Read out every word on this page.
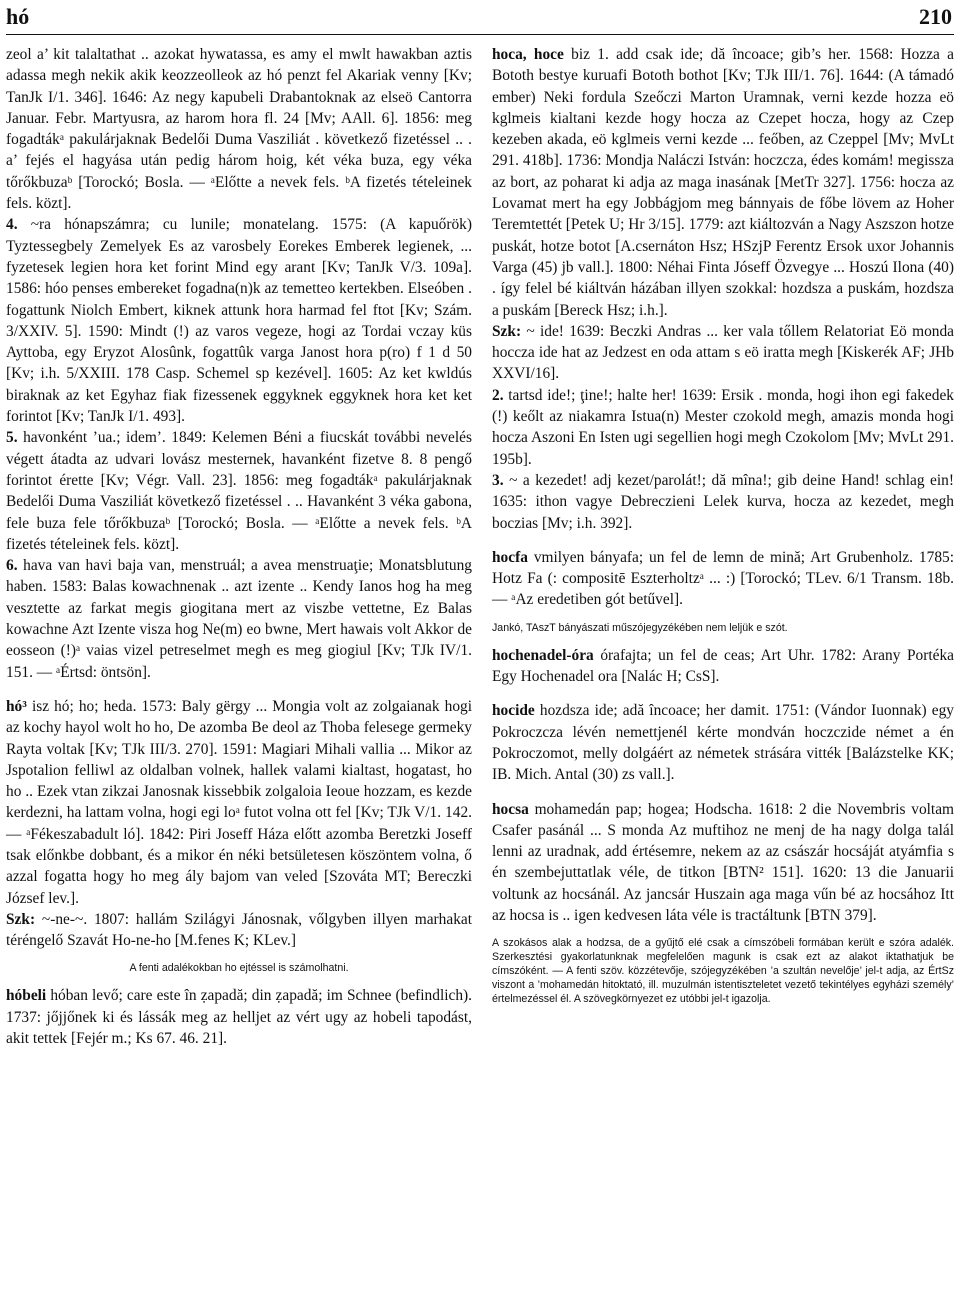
hó	210

zeol a’ kit talaltathat .. azokat hywatassa, es amy el mwlt hawakban aztis adassa megh nekik akik keozzeolleok az hó penzt fel Akariak venny [Kv; TanJk I/1. 346]. 1646: Az negy kapubeli Drabantoknak az elseö Cantorra Januar. Febr. Martyusra, az harom hora fl. 24 [Mv; AAll. 6]. 1856: meg fogadtákᵃ pakulárjaknak Bedelői Duma Vasziliát . következő fizetéssel .. . a’ fejés el hagyása után pedig három hoig, két véka buza, egy véka tőrőkbuzaᵇ [Torockó; Bosla. — ᵃElőtte a nevek fels. ᵇA fizetés tételeinek fels. közt].

4. ~ra hónapszámra; cu lunile; monatelang. 1575: (A kapuőrök) Tyztessegbely Zemelyek Es az varosbely Eorekes Emberek legienek, ... fyzetesek legien hora ket forint Mind egy arant [Kv; TanJk V/3. 109a]. 1586: hóo penses embereket fogadna(n)k az temetteo kertekben. Elseóben . fogattunk Niolch Embert, kiknek attunk hora harmad fel ftot [Kv; Szám. 3/XXIV. 5]. 1590: Mindt (!) az varos vegeze, hogi az Tordai vczay küs Ayttoba, egy Eryzot Alosûnk, fogattûk varga Janost hora p(ro) f 1 d 50 [Kv; i.h. 5/XXIII. 178 Casp. Schemel sp kezével]. 1605: Az ket kwldús biraknak az ket Egyhaz fiak fizessenek eggyknek eggyknek hora ket ket forintot [Kv; TanJk I/1. 493].

5. havonként ’ua.; idem’. 1849: Kelemen Béni a fiucskát további nevelés végett átadta az udvari lovász mesternek, havanként fizetve 8. 8 pengő forintot érette [Kv; Végr. Vall. 23]. 1856: meg fogadtákᵃ pakulárjaknak Bedelői Duma Vasziliát következő fizetéssel . .. Havanként 3 véka gabona, fele buza fele tőrőkbuzaᵇ [Torockó; Bosla. — ᵃElőtte a nevek fels. ᵇA fizetés tételeinek fels. közt].

6. hava van havi baja van, menstruál; a avea menstruaţie; Monatsblutung haben. 1583: Balas kowachnenak .. azt izente .. Kendy Ianos hog ha meg vesztette az farkat megis giogitana mert az viszbe vettetne, Ez Balas kowachne Azt Izente visza hog Ne(m) eo bwne, Mert hawais volt Akkor de eosseon (!)ᵃ vaias vizel petreselmet megh es meg giogiul [Kv; TJk IV/1. 151. — ᵃÉrtsd: öntsön].

hó³ isz hó; ho; heda. 1573: Baly gërgy ... Mongia volt az zolgaianak hogi az kochy hayol wolt ho ho, De azomba Be deol az Thoba felesege germeky Rayta voltak [Kv; TJk III/3. 270]. 1591: Magiari Mihali vallia ... Mikor az Jspotalion felliwl az oldalban volnek, hallek valami kialtast, hogatast, ho ho .. Ezek vtan zikzai Janosnak kissebbik zolgaloia Ieoue hozzam, es kezde kerdezni, ha lattam volna, hogi egi loᵃ futot volna ott fel [Kv; TJk V/1. 142. — ᵃFékeszabadult ló]. 1842: Piri Joseff Háza előtt azomba Beretzki Joseff tsak előnkbe dobbant, és a mikor én néki betsületesen köszöntem volna, ő azzal fogatta hogy ho meg ály bajom van veled [Szováta MT; Bereczki József lev.].

Szk: ~-ne-~. 1807: hallám Szilágyi Jánosnak, vőlgyben illyen marhakat téréngelő Szavát Ho-ne-ho [M.fenes K; KLev.]

A fenti adalékokban ho ejtéssel is számolhatni.

hóbeli hóban levő; care este în ẓapadă; din ẓapadă; im Schnee (befindlich). 1737: jőjjőnek ki és lássák meg az helljet az vért ugy az hobeli tapodást, akit tettek [Fejér m.; Ks 67. 46. 21].

hoca, hoce biz 1. add csak ide; dă încoace; gib’s her. 1568: Hozza a Bototh bestye kuruafi Bototh bothot [Kv; TJk III/1. 76]. 1644: (A támadó ember) Neki fordula Szeőczi Marton Uramnak, verni kezde hozza eö kglmeis kialtani kezde hogy hocza az Czepet hocza, hogy az Czep kezeben akada, eö kglmeis verni kezde ... feőben, az Czeppel [Mv; MvLt 291. 418b]. 1736: Mondja Naláczi István: hoczcza, édes komám! megissza az bort, az poharat ki adja az maga inasának [MetTr 327]. 1756: hocza az Lovamat mert ha egy Jobbágjom meg bánnyais de főbe lövem az Hoher Teremtettét [Petek U; Hr 3/15]. 1779: azt kiáltozván a Nagy Aszszon hotze puskát, hotze botot [A.csernáton Hsz; HSzjP Ferentz Ersok uxor Johannis Varga (45) jb vall.]. 1800: Néhai Finta Jóseff Özvegye ... Hoszú Ilona (40) . így felel bé kiáltván házában illyen szokkal: hozdsza a puskám, hozdsza a puskám [Bereck Hsz; i.h.].

Szk: ~ ide! 1639: Beczki Andras ... ker vala tőllem Relatoriat Eö monda hoccza ide hat az Jedzest en oda attam s eö iratta megh [Kiskerék AF; JHb XXVI/16].

2. tartsd ide!; ţine!; halte her! 1639: Ersik . monda, hogi ihon egi fakedek (!) keőlt az niakamra Istua(n) Mester czokold megh, amazis monda hogi hocza Aszoni En Isten ugi segellien hogi megh Czokolom [Mv; MvLt 291. 195b].

3. ~ a kezedet! adj kezet/parolát!; dă mîna!; gib deine Hand! schlag ein! 1635: ithon vagye Debreczieni Lelek kurva, hocza az kezedet, megh boczias [Mv; i.h. 392].

hocfa vmilyen bányafa; un fel de lemn de mină; Art Grubenholz. 1785: Hotz Fa (: compositē Eszterholtzᵃ ... :) [Torockó; TLev. 6/1 Transm. 18b. — ᵃAz eredetiben gót betűvel].

Jankó, TAszT bányászati műszójegyzékében nem leljük e szót.

hochenadel-óra órafajta; un fel de ceas; Art Uhr. 1782: Arany Portéka Egy Hochenadel ora [Nalác H; CsS].

hocide hozdsza ide; adă încoace; her damit. 1751: (Vándor Iuonnak) egy Pokroczcza lévén nemettjenél kérte mondván hoczczide német a én Pokroczomot, melly dolgáért az németek strására vitték [Balázstelke KK; IB. Mich. Antal (30) zs vall.].

hocsa mohamedán pap; hogea; Hodscha. 1618: 2 die Novembris voltam Csafer pasánál ... S monda Az muftihoz ne menj de ha nagy dolga talál lenni az uradnak, add értésemre, nekem az az császár hocsáját atyámfia s én szembejuttatlak véle, de titkon [BTN² 151]. 1620: 13 die Januarii voltunk az hocsánál. Az jancsár Huszain aga maga vűn bé az hocsához Itt az hocsa is .. igen kedvesen láta véle is tractáltunk [BTN 379].

A szokásos alak a hodzsa, de a gyűjtő elé csak a címszóbeli formában került e szóra adalék. Szerkesztési gyakorlatunknak megfelelően magunk is csak ezt az alakot iktathatjuk be címszóként. — A fenti szöv. közzétevője, szójegyzékében ’a szultán nevelője’ jel-t adja, az ÉrtSz viszont a ’mohamedán hitoktató, ill. muzulmán istentiszteletet vezető tekintélyes egyházi személy’ értelmezéssel él. A szövegkörnyezet ez utóbbi jel-t igazolja.
